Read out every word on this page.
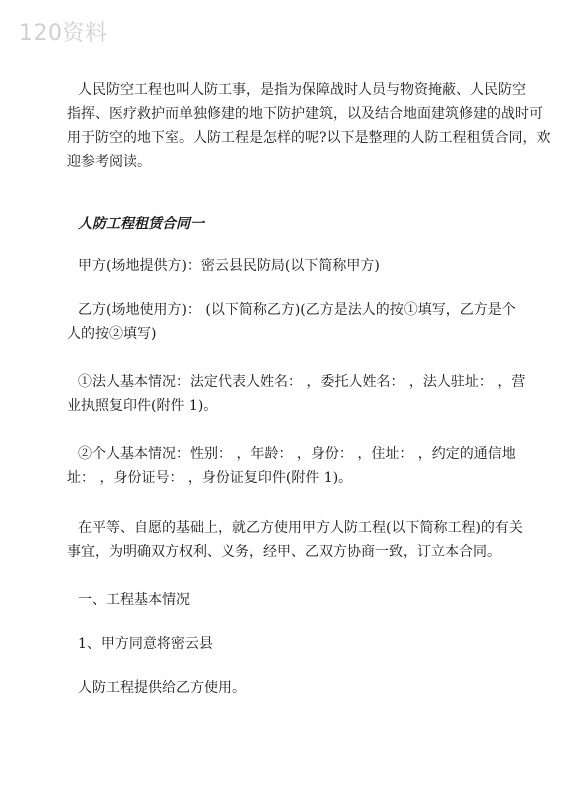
120资料
人民防空工程也叫人防工事，是指为保障战时人员与物资掩蔽、人民防空
指挥、医疗救护而单独修建的地下防护建筑，以及结合地面建筑修建的战时可
用于防空的地下室。人防工程是怎样的呢?以下是整理的人防工程租赁合同，欢
迎参考阅读。
人防工程租赁合同一
甲方(场地提供方)：密云县民防局(以下简称甲方)
乙方(场地使用方)： (以下简称乙方)(乙方是法人的按①填写，乙方是个
人的按②填写)
①法人基本情况：法定代表人姓名： ，委托人姓名： ，法人驻址： ，营
业执照复印件(附件 1)。
②个人基本情况：性别： ，年龄： ，身份： ，住址： ，约定的通信地
址： ，身份证号： ，身份证复印件(附件 1)。
在平等、自愿的基础上，就乙方使用甲方人防工程(以下简称工程)的有关
事宜，为明确双方权利、义务，经甲、乙双方协商一致，订立本合同。
一、工程基本情况
1、甲方同意将密云县
人防工程提供给乙方使用。
